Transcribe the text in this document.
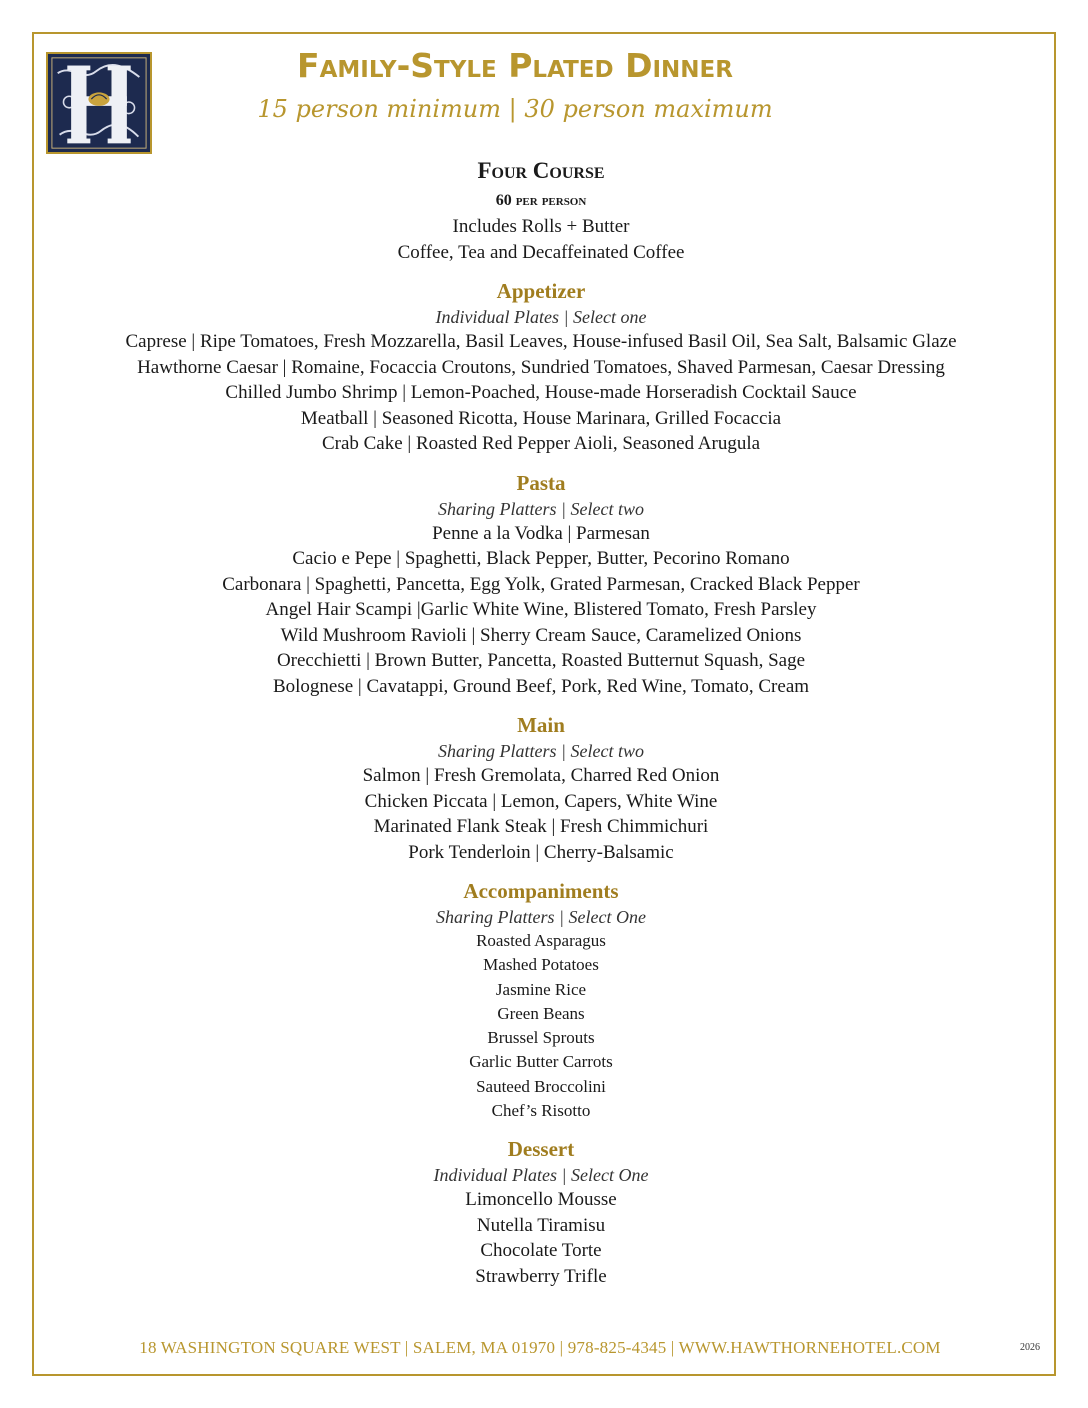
Family-Style Plated Dinner
15 person minimum | 30 person maximum
Four Course
60 per person
Includes Rolls + Butter
Coffee, Tea and Decaffeinated Coffee
Appetizer
Individual Plates | Select one
Caprese | Ripe Tomatoes, Fresh Mozzarella, Basil Leaves, House-infused Basil Oil, Sea Salt, Balsamic Glaze
Hawthorne Caesar | Romaine, Focaccia Croutons, Sundried Tomatoes, Shaved Parmesan, Caesar Dressing
Chilled Jumbo Shrimp | Lemon-Poached, House-made Horseradish Cocktail Sauce
Meatball | Seasoned Ricotta, House Marinara, Grilled Focaccia
Crab Cake | Roasted Red Pepper Aioli, Seasoned Arugula
Pasta
Sharing Platters | Select two
Penne a la Vodka | Parmesan
Cacio e Pepe | Spaghetti, Black Pepper, Butter, Pecorino Romano
Carbonara | Spaghetti, Pancetta, Egg Yolk, Grated Parmesan, Cracked Black Pepper
Angel Hair Scampi |Garlic White Wine, Blistered Tomato, Fresh Parsley
Wild Mushroom Ravioli | Sherry Cream Sauce, Caramelized Onions
Orecchietti | Brown Butter, Pancetta, Roasted Butternut Squash, Sage
Bolognese | Cavatappi, Ground Beef, Pork, Red Wine, Tomato, Cream
Main
Sharing Platters | Select two
Salmon | Fresh Gremolata, Charred Red Onion
Chicken Piccata | Lemon, Capers, White Wine
Marinated Flank Steak | Fresh Chimmichuri
Pork Tenderloin | Cherry-Balsamic
Accompaniments
Sharing Platters | Select One
Roasted Asparagus
Mashed Potatoes
Jasmine Rice
Green Beans
Brussel Sprouts
Garlic Butter Carrots
Sauteed Broccolini
Chef’s Risotto
Dessert
Individual Plates | Select One
Limoncello Mousse
Nutella Tiramisu
Chocolate Torte
Strawberry Trifle
18 WASHINGTON SQUARE WEST | SALEM, MA 01970 | 978-825-4345 | WWW.HAWTHORNEHOTEL.COM	2026
